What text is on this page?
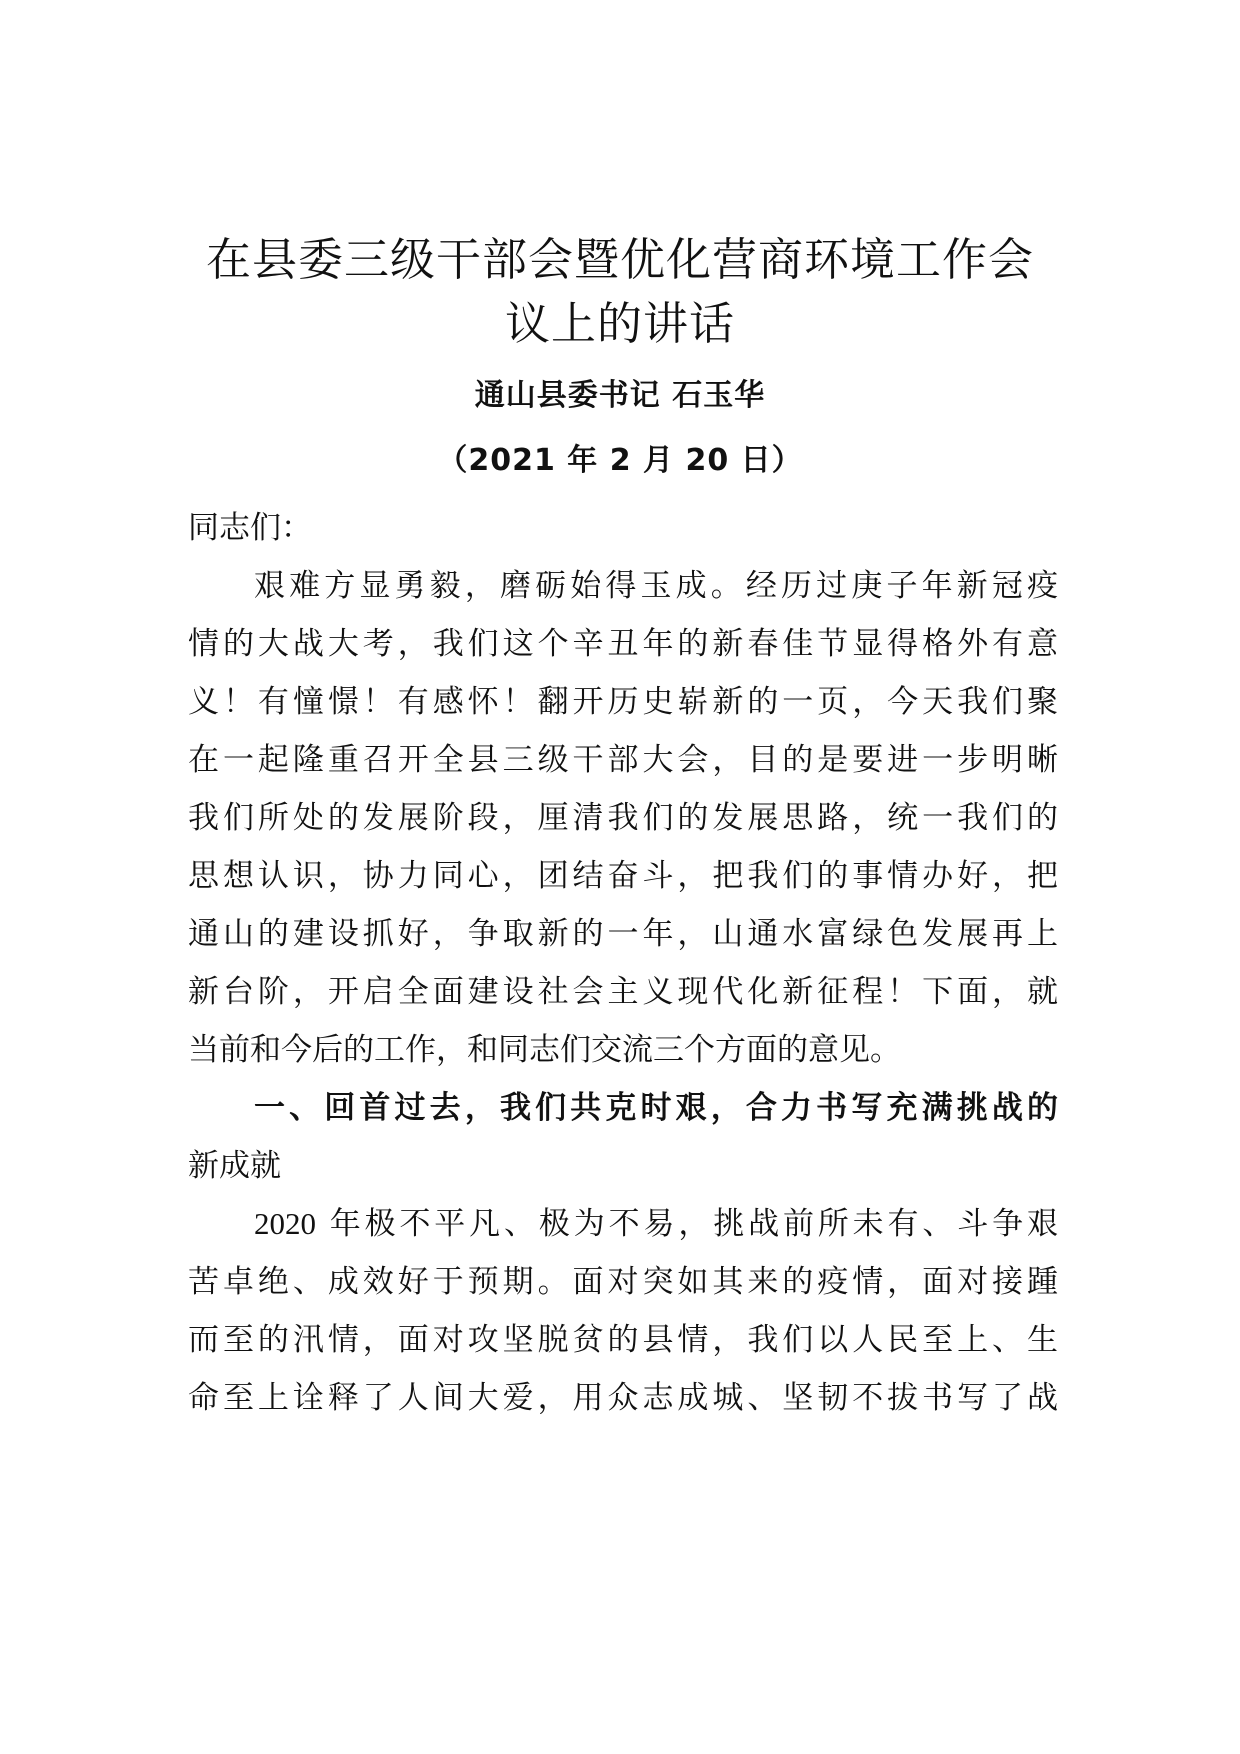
在县委三级干部会暨优化营商环境工作会
议上的讲话
通山县委书记 石玉华
（2021 年 2 月 20 日）
同志们：
艰难方显勇毅，磨砺始得玉成。经历过庚子年新冠疫
情的大战大考，我们这个辛丑年的新春佳节显得格外有意
义！有憧憬！有感怀！翻开历史崭新的一页，今天我们聚
在一起隆重召开全县三级干部大会，目的是要进一步明晰
我们所处的发展阶段，厘清我们的发展思路，统一我们的
思想认识，协力同心，团结奋斗，把我们的事情办好，把
通山的建设抓好，争取新的一年，山通水富绿色发展再上
新台阶，开启全面建设社会主义现代化新征程！下面，就
当前和今后的工作，和同志们交流三个方面的意见。
一、回首过去，我们共克时艰，合力书写充满挑战的
新成就
2020 年极不平凡、极为不易，挑战前所未有、斗争艰
苦卓绝、成效好于预期。面对突如其来的疫情，面对接踵
而至的汛情，面对攻坚脱贫的县情，我们以人民至上、生
命至上诠释了人间大爱，用众志成城、坚韧不拔书写了战
